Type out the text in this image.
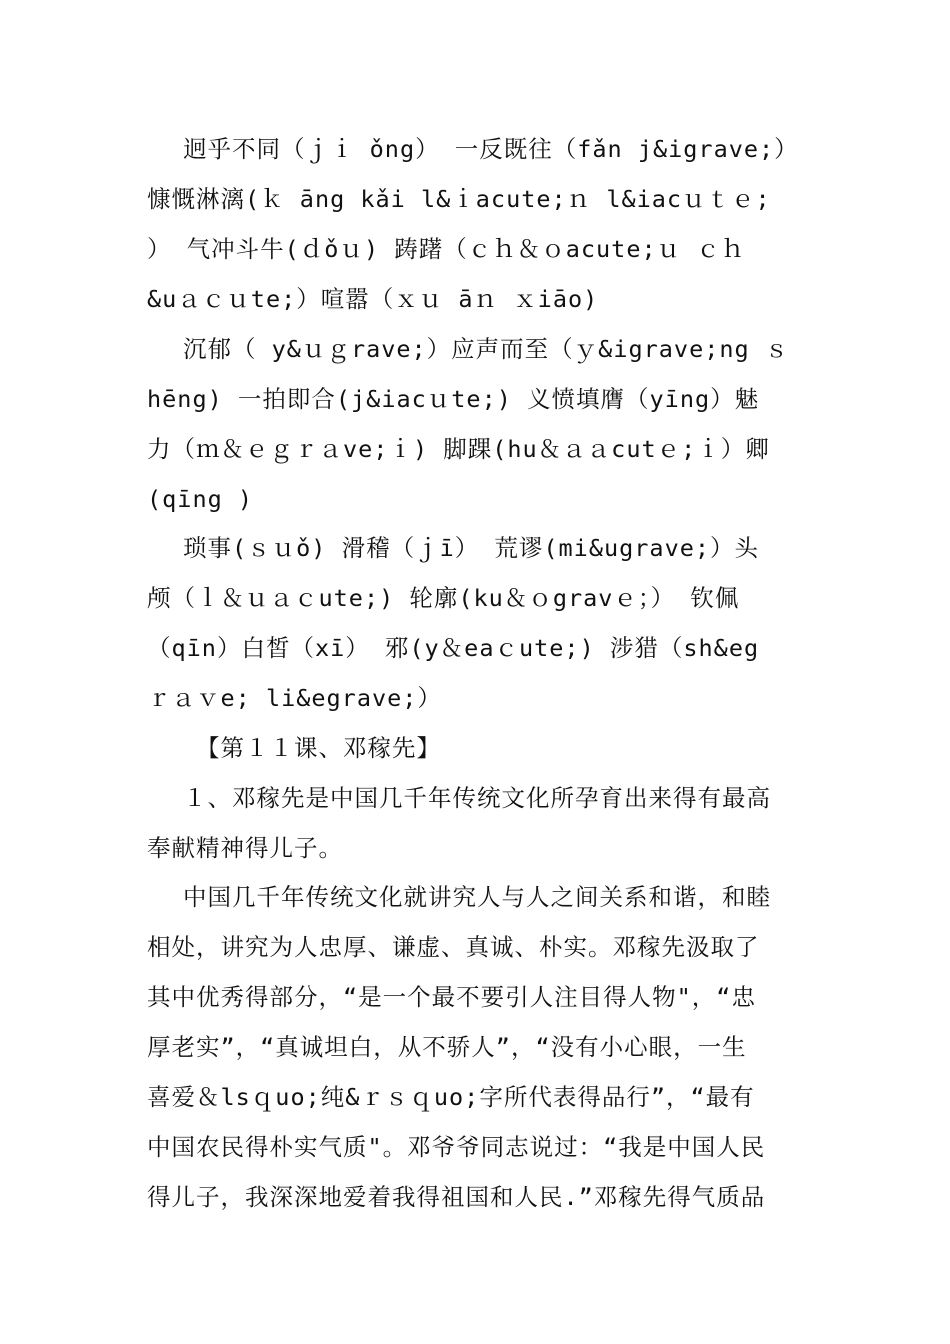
迥乎不同（ｊｉ ǒng） 一反既往（fǎn j&igrave;）
慷慨淋漓(ｋ āng kǎi l&ｉacute;ｎ l&iacｕｔｅ;
） 气冲斗牛(ｄǒｕ) 踌躇（ｃｈ＆ｏacute;ｕ ｃｈ
&uａｃｕte;）喧嚣（ｘｕ āｎ ｘiāo)
沉郁（ y&ｕｇrave;）应声而至（ｙ&igrave;ng ｓ
hēng) 一拍即合(j&iacｕte;) 义愤填膺（yīng）魅
力（ｍ＆ｅｇｒａve;ｉ) 脚踝(hu＆ａａcutｅ;ｉ）卿
(qīng )
琐事(ｓｕǒ) 滑稽（ｊī） 荒谬(mi&ugrave;）头
颅（ｌ＆ｕａｃute;) 轮廓(ku＆ｏgravｅ；） 钦佩
（qīn）白皙（xī） 邪(y＆eaｃute;) 涉猎（sh&eg
ｒａｖe; li&egrave;）
【第１１课、邓稼先】
１、邓稼先是中国几千年传统文化所孕育出来得有最高
奉献精神得儿子。
中国几千年传统文化就讲究人与人之间关系和谐，和睦
相处，讲究为人忠厚、谦虚、真诚、朴实。邓稼先汲取了
其中优秀得部分，“是一个最不要引人注目得人物"，“忠
厚老实”，“真诚坦白，从不骄人”，“没有小心眼，一生
喜爱＆lsｑuo;纯&ｒｓｑuo;字所代表得品行”，“最有
中国农民得朴实气质"。邓爷爷同志说过：“我是中国人民
得儿子，我深深地爱着我得祖国和人民.”邓稼先得气质品
